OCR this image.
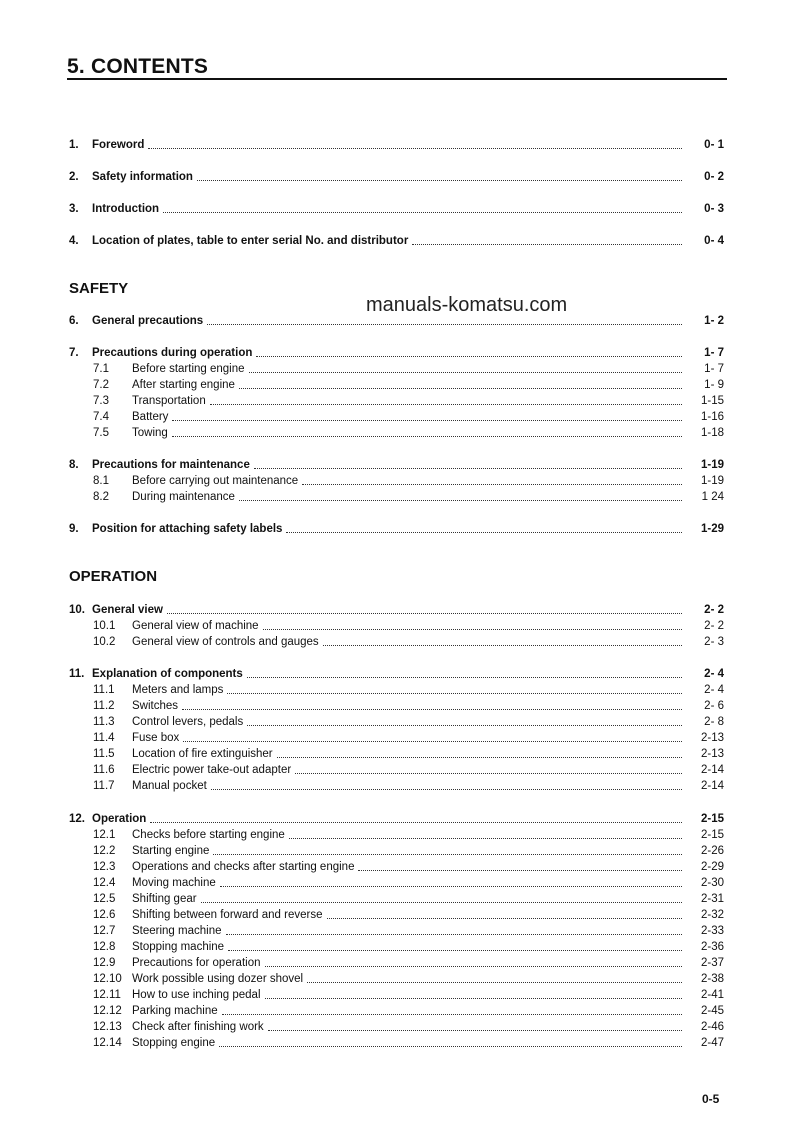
5. CONTENTS
SAFETY
OPERATION
manuals-komatsu.com
1.	Foreword	0- 1
2.	Safety information	0- 2
3.	Introduction	0- 3
4.	Location of plates, table to enter serial No. and distributor	0- 4
6.	General precautions	1- 2
7.	Precautions during operation	1- 7
7.1	Before starting engine	1- 7
7.2	After starting engine	1- 9
7.3	Transportation	1-15
7.4	Battery	1-16
7.5	Towing	1-18
8.	Precautions for maintenance	1-19
8.1	Before carrying out maintenance	1-19
8.2	During maintenance	1 24
9.	Position for attaching safety labels	1-29
10. General view	2- 2
10.1	General view of machine	2- 2
10.2	General view of controls and gauges	2- 3
11. Explanation of components	2- 4
11.1	Meters and lamps	2- 4
11.2	Switches	2- 6
11.3	Control levers, pedals	2- 8
11.4	Fuse box	2-13
11.5	Location of fire extinguisher	2-13
11.6	Electric power take-out adapter	2-14
11.7	Manual pocket	2-14
12. Operation	2-15
12.1	Checks before starting engine	2-15
12.2	Starting engine	2-26
12.3	Operations and checks after starting engine	2-29
12.4	Moving machine	2-30
12.5	Shifting gear	2-31
12.6	Shifting between forward and reverse	2-32
12.7	Steering machine	2-33
12.8	Stopping machine	2-36
12.9	Precautions for operation	2-37
12.10 Work possible using dozer shovel	2-38
12.11 How to use inching pedal	2-41
12.12 Parking machine	2-45
12.13 Check after finishing work	2-46
12.14 Stopping engine	2-47
0-5
